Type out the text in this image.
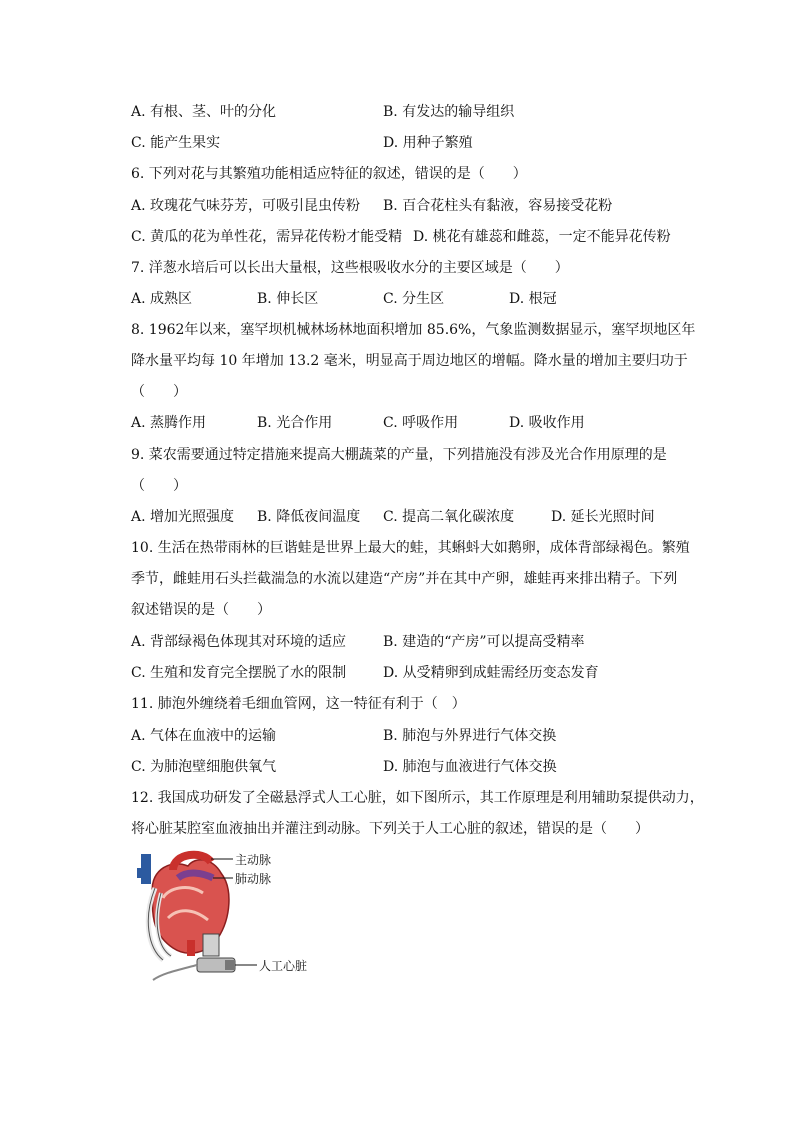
A. 有根、茎、叶的分化	B. 有发达的输导组织
C. 能产生果实	D. 用种子繁殖
6. 下列对花与其繁殖功能相适应特征的叙述，错误的是（　　）
A. 玫瑰花气味芬芳，可吸引昆虫传粉 B. 百合花柱头有黏液，容易接受花粉
C. 黄瓜的花为单性花，需异花传粉才能受精 D. 桃花有雄蕊和雌蕊，一定不能异花传粉
7. 洋葱水培后可以长出大量根，这些根吸收水分的主要区域是（　　）
A. 成熟区	B. 伸长区	C. 分生区	D. 根冠
8. 1962年以来，塞罕坝机械林场林地面积增加 85.6%，气象监测数据显示，塞罕坝地区年
降水量平均每 10 年增加 13.2 毫米，明显高于周边地区的增幅。降水量的增加主要归功于
（　　）
A. 蒸腾作用	B. 光合作用	C. 呼吸作用	D. 吸收作用
9. 菜农需要通过特定措施来提高大棚蔬菜的产量，下列措施没有涉及光合作用原理的是
（　　）
A. 增加光照强度 B. 降低夜间温度 C. 提高二氧化碳浓度	D. 延长光照时间
10. 生活在热带雨林的巨谐蛙是世界上最大的蛙，其蝌蚪大如鹅卵，成体背部绿褐色。繁殖
季节，雌蛙用石头拦截湍急的水流以建造“产房”并在其中产卵，雄蛙再来排出精子。下列
叙述错误的是（　　）
A. 背部绿褐色体现其对环境的适应	B. 建造的“产房”可以提高受精率
C. 生殖和发育完全摆脱了水的限制	D. 从受精卵到成蛙需经历变态发育
11. 肺泡外缠绕着毛细血管网，这一特征有利于（　）
A. 气体在血液中的运输	B. 肺泡与外界进行气体交换
C. 为肺泡壁细胞供氧气	D. 肺泡与血液进行气体交换
12. 我国成功研发了全磁悬浮式人工心脏，如下图所示，其工作原理是利用辅助泵提供动力，
将心脏某腔室血液抽出并灌注到动脉。下列关于人工心脏的叙述，错误的是（　　）
主动脉
肺动脉
人工心脏
